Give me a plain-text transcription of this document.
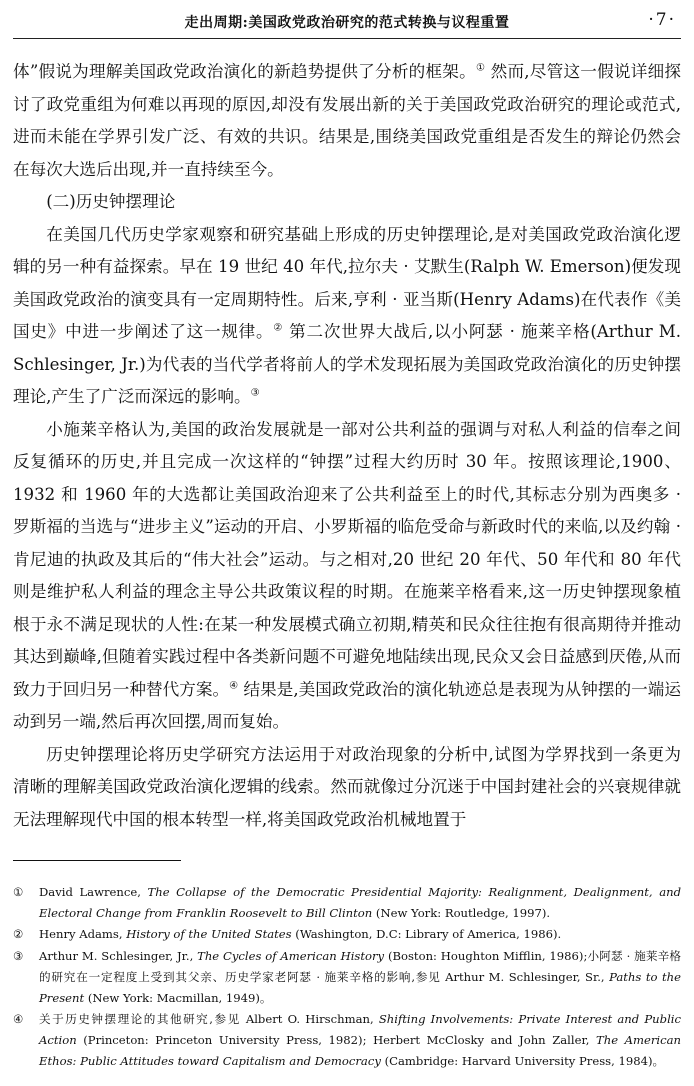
走出周期:美国政党政治研究的范式转换与议程重置	·7·

体”假说为理解美国政党政治演化的新趋势提供了分析的框架。① 然而,尽管这一假说详细探讨了政党重组为何难以再现的原因,却没有发展出新的关于美国政党政治研究的理论或范式,进而未能在学界引发广泛、有效的共识。结果是,围绕美国政党重组是否发生的辩论仍然会在每次大选后出现,并一直持续至今。

(二)历史钟摆理论

在美国几代历史学家观察和研究基础上形成的历史钟摆理论,是对美国政党政治演化逻辑的另一种有益探索。早在 19 世纪 40 年代,拉尔夫 · 艾默生(Ralph W. Emerson)便发现美国政党政治的演变具有一定周期特性。后来,亨利 · 亚当斯(Henry Adams)在代表作《美国史》中进一步阐述了这一规律。② 第二次世界大战后,以小阿瑟 · 施莱辛格(Arthur M. Schlesinger, Jr.)为代表的当代学者将前人的学术发现拓展为美国政党政治演化的历史钟摆理论,产生了广泛而深远的影响。③

小施莱辛格认为,美国的政治发展就是一部对公共利益的强调与对私人利益的信奉之间反复循环的历史,并且完成一次这样的“钟摆”过程大约历时 30 年。按照该理论,1900、1932 和 1960 年的大选都让美国政治迎来了公共利益至上的时代,其标志分别为西奥多 · 罗斯福的当选与“进步主义”运动的开启、小罗斯福的临危受命与新政时代的来临,以及约翰 · 肯尼迪的执政及其后的“伟大社会”运动。与之相对,20 世纪 20 年代、50 年代和 80 年代则是维护私人利益的理念主导公共政策议程的时期。在施莱辛格看来,这一历史钟摆现象植根于永不满足现状的人性:在某一种发展模式确立初期,精英和民众往往抱有很高期待并推动其达到巅峰,但随着实践过程中各类新问题不可避免地陆续出现,民众又会日益感到厌倦,从而致力于回归另一种替代方案。④ 结果是,美国政党政治的演化轨迹总是表现为从钟摆的一端运动到另一端,然后再次回摆,周而复始。

历史钟摆理论将历史学研究方法运用于对政治现象的分析中,试图为学界找到一条更为清晰的理解美国政党政治演化逻辑的线索。然而就像过分沉迷于中国封建社会的兴衰规律就无法理解现代中国的根本转型一样,将美国政党政治机械地置于

① David Lawrence, The Collapse of the Democratic Presidential Majority: Realignment, Dealignment, and Electoral Change from Franklin Roosevelt to Bill Clinton (New York: Routledge, 1997).

② Henry Adams, History of the United States (Washington, D.C: Library of America, 1986).

③ Arthur M. Schlesinger, Jr., The Cycles of American History (Boston: Houghton Mifflin, 1986);小阿瑟 · 施莱辛格的研究在一定程度上受到其父亲、历史学家老阿瑟 · 施莱辛格的影响,参见 Arthur M. Schlesinger, Sr., Paths to the Present (New York: Macmillan, 1949)。

④ 关于历史钟摆理论的其他研究,参见 Albert O. Hirschman, Shifting Involvements: Private Interest and Public Action (Princeton: Princeton University Press, 1982); Herbert McClosky and John Zaller, The American Ethos: Public Attitudes toward Capitalism and Democracy (Cambridge: Harvard University Press, 1984)。
